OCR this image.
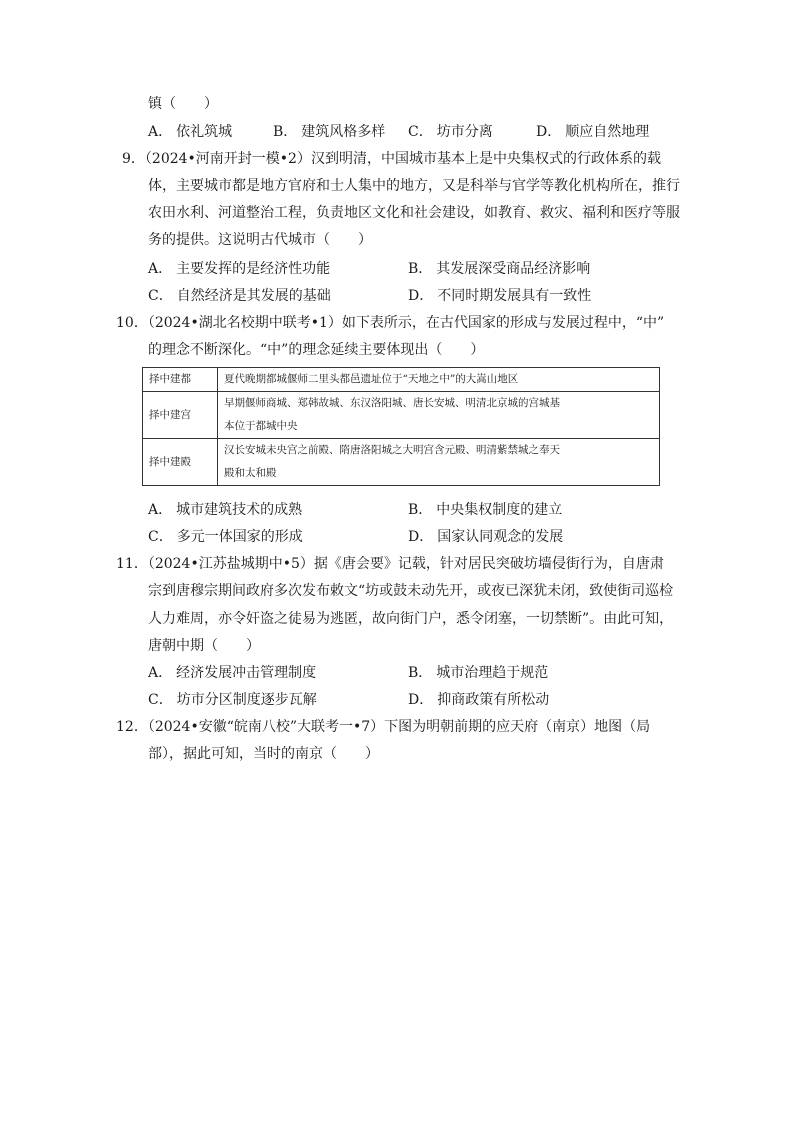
镇（　　）
A． 依礼筑城	B． 建筑风格多样 C． 坊市分离	D． 顺应自然地理
9．（2024•河南开封一模•2）汉到明清，中国城市基本上是中央集权式的行政体系的载
体，主要城市都是地方官府和士人集中的地方，又是科举与官学等教化机构所在，推行
农田水利、河道整治工程，负责地区文化和社会建设，如教育、救灾、福利和医疗等服
务的提供。这说明古代城市（　　）
A． 主要发挥的是经济性功能	B． 其发展深受商品经济影响
C． 自然经济是其发展的基础	D． 不同时期发展具有一致性
10．（2024•湖北名校期中联考•1）如下表所示，在古代国家的形成与发展过程中，“中”
的理念不断深化。“中”的理念延续主要体现出（　　）
择中建都	夏代晚期都城偃师二里头都邑遗址位于“天地之中”的大嵩山地区
择中建宫	早期偃师商城、郑韩故城、东汉洛阳城、唐长安城、明清北京城的宫城基
本位于都城中央
择中建殿	汉长安城未央宫之前殿、隋唐洛阳城之大明宫含元殿、明清紫禁城之奉天
殿和太和殿
A． 城市建筑技术的成熟	B． 中央集权制度的建立
C． 多元一体国家的形成	D． 国家认同观念的发展
11．（2024•江苏盐城期中•5）据《唐会要》记载，针对居民突破坊墙侵街行为，自唐肃
宗到唐穆宗期间政府多次发布敕文“坊或鼓未动先开，或夜已深犹未闭，致使街司巡检
人力难周，亦令奸盗之徒易为逃匿，故向街门户，悉令闭塞，一切禁断”。由此可知，
唐朝中期（　　）
A． 经济发展冲击管理制度	B． 城市治理趋于规范
C． 坊市分区制度逐步瓦解	D． 抑商政策有所松动
12．（2024•安徽“皖南八校”大联考一•7）下图为明朝前期的应天府（南京）地图（局
部），据此可知，当时的南京（　　）
